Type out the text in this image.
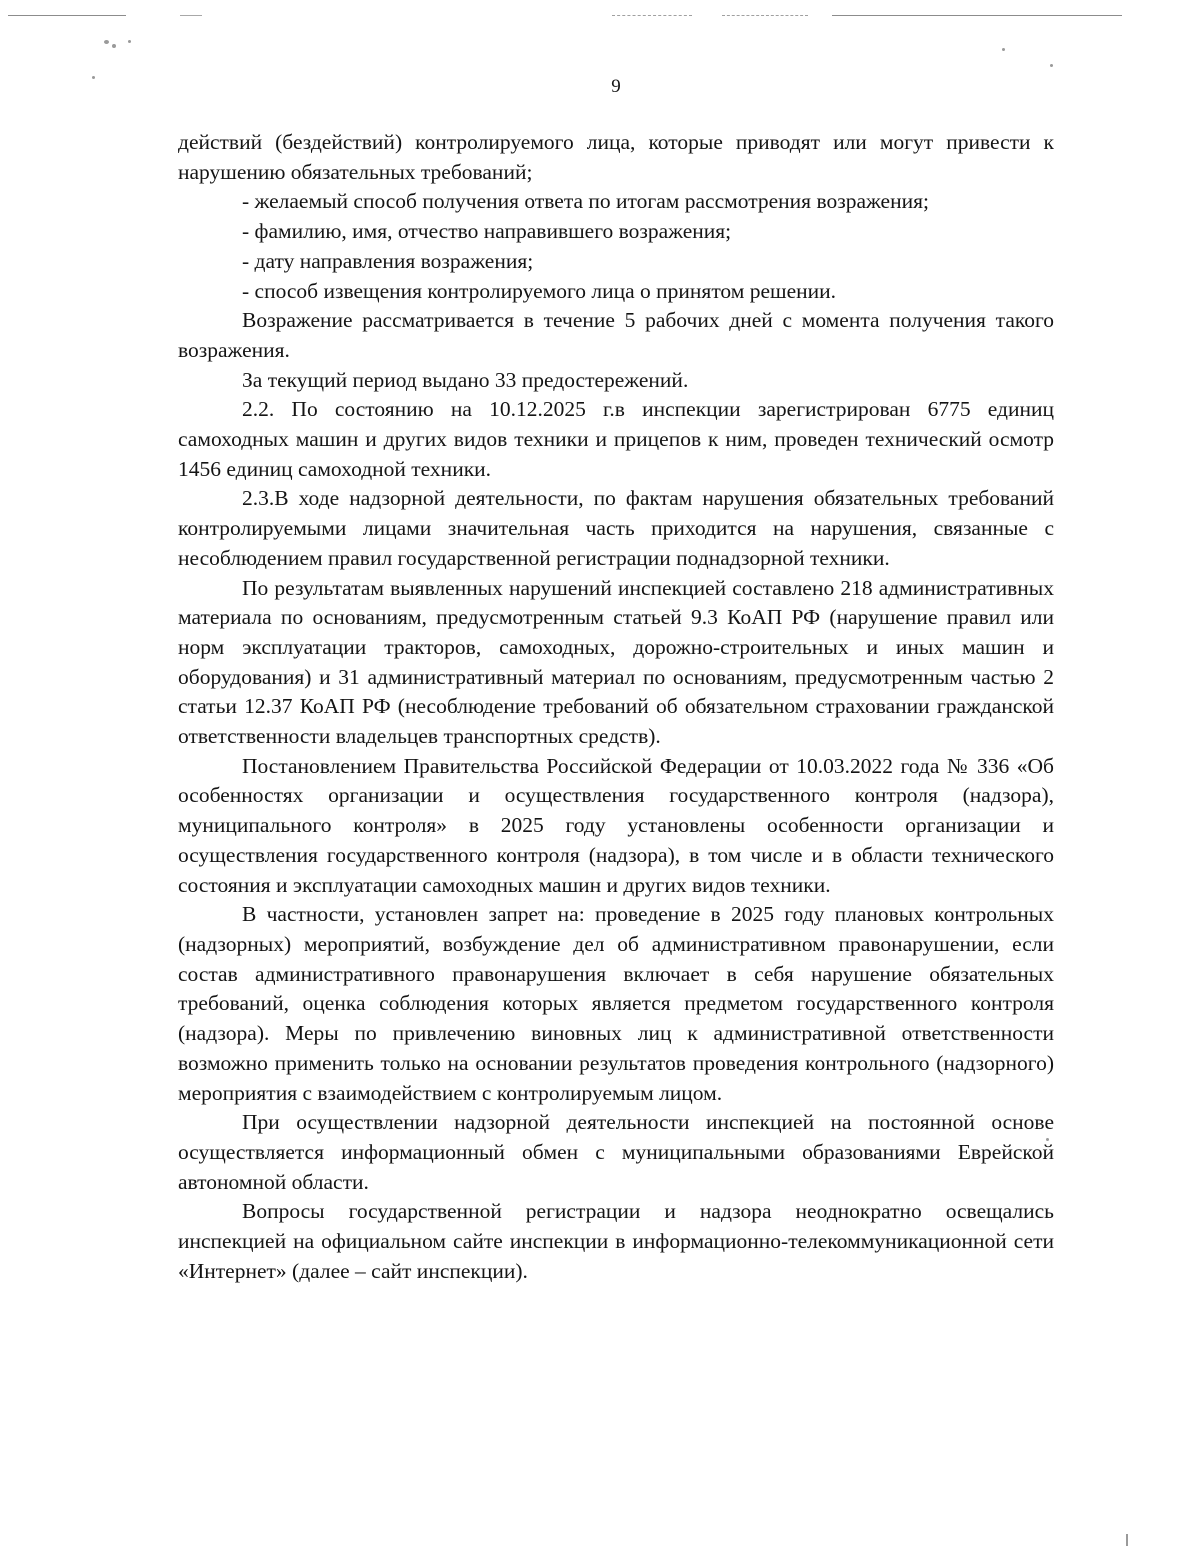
9

действий (бездействий) контролируемого лица, которые приводят или могут привести к нарушению обязательных требований;

- желаемый способ получения ответа по итогам рассмотрения возражения;

- фамилию, имя, отчество направившего возражения;

- дату направления возражения;

- способ извещения контролируемого лица о принятом решении.

Возражение рассматривается в течение 5 рабочих дней с момента получения такого возражения.

За текущий период выдано 33 предостережений.

2.2. По состоянию на 10.12.2025 г.в инспекции зарегистрирован 6775 единиц самоходных машин и других видов техники и прицепов к ним, проведен технический осмотр 1456 единиц самоходной техники.

2.3.В ходе надзорной деятельности, по фактам нарушения обязательных требований контролируемыми лицами значительная часть приходится на нарушения, связанные с несоблюдением правил государственной регистрации поднадзорной техники.

По результатам выявленных нарушений инспекцией составлено 218 административных материала по основаниям, предусмотренным статьей 9.3 КоАП РФ (нарушение правил или норм эксплуатации тракторов, самоходных, дорожно-строительных и иных машин и оборудования) и 31 административный материал по основаниям, предусмотренным частью 2 статьи 12.37 КоАП РФ (несоблюдение требований об обязательном страховании гражданской ответственности владельцев транспортных средств).

Постановлением Правительства Российской Федерации от 10.03.2022 года № 336 «Об особенностях организации и осуществления государственного контроля (надзора), муниципального контроля» в 2025 году установлены особенности организации и осуществления государственного контроля (надзора), в том числе и в области технического состояния и эксплуатации самоходных машин и других видов техники.

В частности, установлен запрет на: проведение в 2025 году плановых контрольных (надзорных) мероприятий, возбуждение дел об административном правонарушении, если состав административного правонарушения включает в себя нарушение обязательных требований, оценка соблюдения которых является предметом государственного контроля (надзора). Меры по привлечению виновных лиц к административной ответственности возможно применить только на основании результатов проведения контрольного (надзорного) мероприятия с взаимодействием с контролируемым лицом.

При осуществлении надзорной деятельности инспекцией на постоянной основе осуществляется информационный обмен с муниципальными образованиями Еврейской автономной области.

Вопросы государственной регистрации и надзора неоднократно освещались инспекцией на официальном сайте инспекции в информационно-телекоммуникационной сети «Интернет» (далее – сайт инспекции).
